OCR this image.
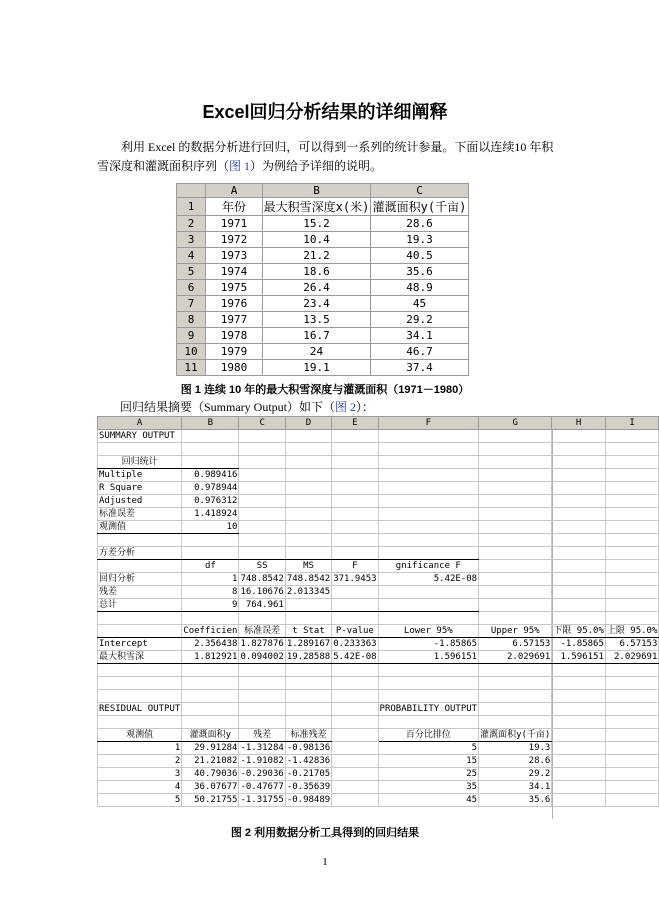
Excel回归分析结果的详细阐释
利用 Excel 的数据分析进行回归，可以得到一系列的统计参量。下面以连续10 年积雪深度和灌溉面积序列（图 1）为例给予详细的说明。
	A	B	C
1	年份	最大积雪深度x(米)	灌溉面积y(千亩)
2	1971	15.2	28.6
3	1972	10.4	19.3
4	1973	21.2	40.5
5	1974	18.6	35.6
6	1975	26.4	48.9
7	1976	23.4	45
8	1977	13.5	29.2
9	1978	16.7	34.1
10	1979	24	46.7
11	1980	19.1	37.4
图 1 连续 10 年的最大积雪深度与灌溉面积（1971－1980）
回归结果摘要（Summary Output）如下（图 2）：
A	B	C	D	E	F	G	H	I
SUMMARY OUTPUT								

回归统计								
Multiple	0.989416							
R Square	0.978944							
Adjusted	0.976312							
标准误差	1.418924							
观测值	10							

方差分析								
	df	SS	MS	F	gnificance F			
回归分析	1	748.8542	748.8542	371.9453	5.42E-08			
残差	8	16.10676	2.013345					
总计	9	764.961						

	Coefficien	标准误差	t Stat	P-value	Lower 95%	Upper 95%	下限 95.0%	上限 95.0%
Intercept	2.356438	1.827876	1.289167	0.233363	-1.85865	6.57153	-1.85865	6.57153
最大积雪深	1.812921	0.094002	19.28588	5.42E-08	1.596151	2.029691	1.596151	2.029691

RESIDUAL OUTPUT					PROBABILITY OUTPUT			

观测值	灌溉面积y	残差	标准残差		百分比排位	灌溉面积y(千亩)		
1	29.91284	-1.31284	-0.98136		5	19.3		
2	21.21082	-1.91082	-1.42836		15	28.6		
3	40.79036	-0.29036	-0.21705		25	29.2		
4	36.07677	-0.47677	-0.35639		35	34.1		
5	50.21755	-1.31755	-0.98489		45	35.6		
图 2 利用数据分析工具得到的回归结果
1
